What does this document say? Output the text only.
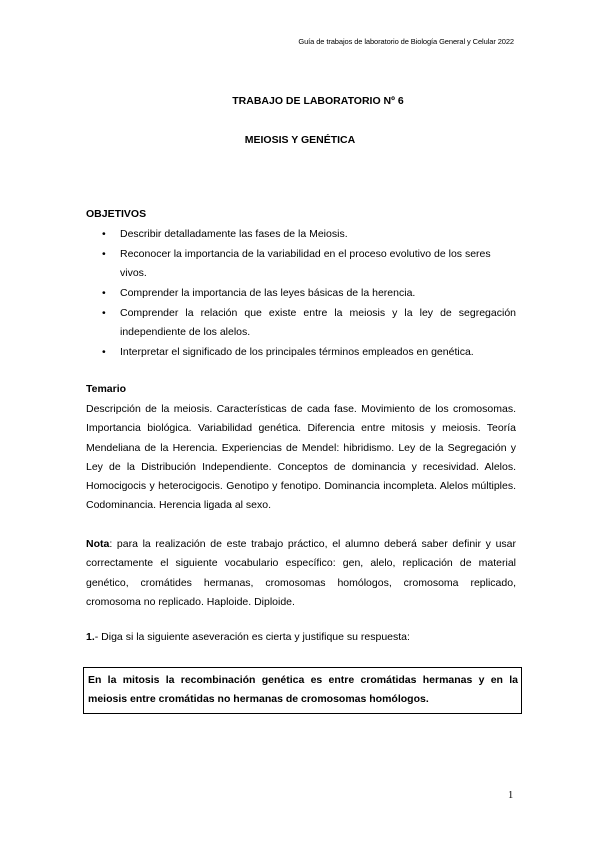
Guía de trabajos de laboratorio de Biología General y Celular 2022
TRABAJO DE LABORATORIO Nº 6
MEIOSIS Y GENÉTICA
OBJETIVOS
• Describir detalladamente las fases de la Meiosis.
• Reconocer la importancia de la variabilidad en el proceso evolutivo de los seres vivos.
• Comprender la importancia de las leyes básicas de la herencia.
• Comprender la relación que existe entre la meiosis y la ley de segregación independiente de los alelos.
• Interpretar el significado de los principales términos empleados en genética.
Temario

Descripción de la meiosis. Características de cada fase. Movimiento de los cromosomas. Importancia biológica. Variabilidad genética. Diferencia entre mitosis y meiosis. Teoría Mendeliana de la Herencia. Experiencias de Mendel: hibridismo. Ley de la Segregación y Ley de la Distribución Independiente. Conceptos de dominancia y recesividad. Alelos. Homocigocis y heterocigocis. Genotipo y fenotipo. Dominancia incompleta. Alelos múltiples. Codominancia. Herencia ligada al sexo.

Nota: para la realización de este trabajo práctico, el alumno deberá saber definir y usar correctamente el siguiente vocabulario específico: gen, alelo, replicación de material genético, cromátides hermanas, cromosomas homólogos, cromosoma replicado, cromosoma no replicado. Haploide. Diploide.

1.- Diga si la siguiente aseveración es cierta y justifique su respuesta:
En la mitosis la recombinación genética es entre cromátidas hermanas y en la meiosis entre cromátidas no hermanas de cromosomas homólogos.
1
